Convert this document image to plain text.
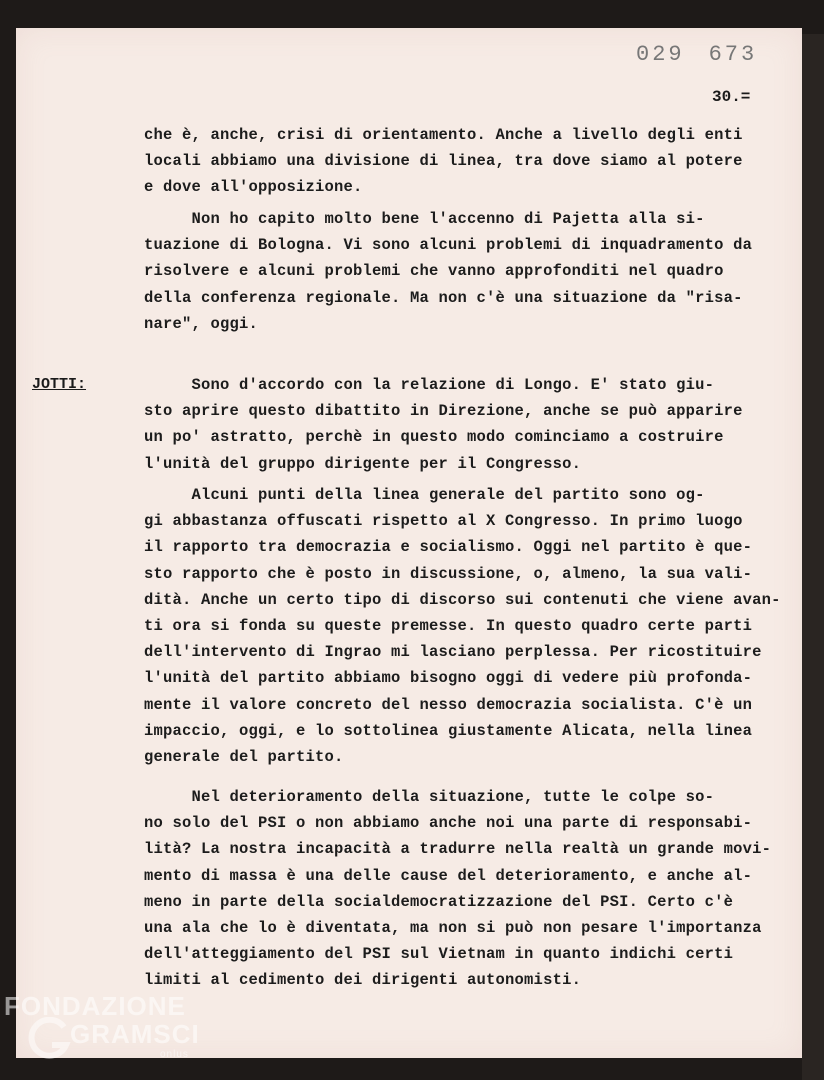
029 673
30.=
che è, anche, crisi di orientamento. Anche a livello degli enti
locali abbiamo una divisione di linea, tra dove siamo al potere
e dove all'opposizione.
Non ho capito molto bene l'accenno di Pajetta alla si-
tuazione di Bologna. Vi sono alcuni problemi di inquadramento da
risolvere e alcuni problemi che vanno approfonditi nel quadro
della conferenza regionale. Ma non c'è una situazione da "risa-
nare", oggi.
JOTTI:	Sono d'accordo con la relazione di Longo. E' stato giu-
sto aprire questo dibattito in Direzione, anche se può apparire
un po' astratto, perchè in questo modo cominciamo a costruire
l'unità del gruppo dirigente per il Congresso.
Alcuni punti della linea generale del partito sono og-
gi abbastanza offuscati rispetto al X Congresso. In primo luogo
il rapporto tra democrazia e socialismo. Oggi nel partito è que-
sto rapporto che è posto in discussione, o, almeno, la sua vali-
dità. Anche un certo tipo di discorso sui contenuti che viene avan-
ti ora si fonda su queste premesse. In questo quadro certe parti
dell'intervento di Ingrao mi lasciano perplessa. Per ricostituire
l'unità del partito abbiamo bisogno oggi di vedere più profonda-
mente il valore concreto del nesso democrazia socialista. C'è un
impaccio, oggi, e lo sottolinea giustamente Alicata, nella linea
generale del partito.
Nel deterioramento della situazione, tutte le colpe so-
no solo del PSI o non abbiamo anche noi una parte di responsabi-
lità? La nostra incapacità a tradurre nella realtà un grande movi-
mento di massa è una delle cause del deterioramento, e anche al-
meno in parte della socialdemocratizzazione del PSI. Certo c'è
una ala che lo è diventata, ma non si può non pesare l'importanza
dell'atteggiamento del PSI sul Vietnam in quanto indichi certi
limiti al cedimento dei dirigenti autonomisti.
FONDAZIONE
GRAMSCI
onlus
